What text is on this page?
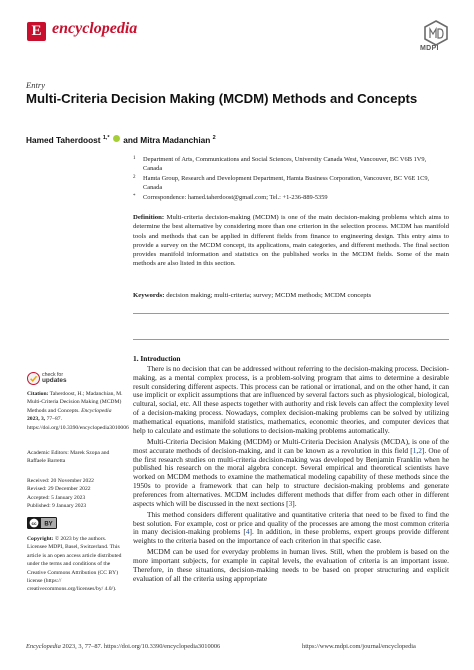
E encyclopedia
MDPI
Entry
Multi-Criteria Decision Making (MCDM) Methods and Concepts
Hamed Taherdoost $^{1,*}$ and Mitra Madanchian $^2$
1 Department of Arts, Communications and Social Sciences, University Canada West, Vancouver, BC V6B 1V9, Canada
2 Hamta Group, Research and Development Department, Hamta Business Corporation, Vancouver, BC V6E 1C9, Canada
* Correspondence: hamed.taherdoost@gmail.com; Tel.: +1-236-889-5359
Definition: Multi-criteria decision-making (MCDM) is one of the main decision-making problems which aims to determine the best alternative by considering more than one criterion in the selection process. MCDM has manifold tools and methods that can be applied in different fields from finance to engineering design. This entry aims to provide a survey on the MCDM concept, its applications, main categories, and different methods. The final section provides manifold information and statistics on the published works in the MCDM fields. Some of the main methods are also listed in this section.
Keywords: decision making; multi-criteria; survey; MCDM methods; MCDM concepts
check for
updates
Citation: Taherdoost, H.; Madanchian, M. Multi-Criteria Decision Making (MCDM) Methods and Concepts. Encyclopedia 2023, 3, 77–87. https://doi.org/10.3390/encyclopedia3010006
Academic Editors: Marek Szopa and Raffaele Barretta
Received: 20 November 2022
Revised: 29 December 2022
Accepted: 5 January 2023
Published: 9 January 2023
cc BY
Copyright: © 2023 by the authors. Licensee MDPI, Basel, Switzerland. This article is an open access article distributed under the terms and conditions of the Creative Commons Attribution (CC BY) license (https:// creativecommons.org/licenses/by/ 4.0/).
1. Introduction

There is no decision that can be addressed without referring to the decision-making process. Decision-making, as a mental complex process, is a problem-solving program that aims to determine a desirable result considering different aspects. This process can be rational or irrational, and on the other hand, it can use implicit or explicit assumptions that are influenced by several factors such as physiological, biological, cultural, social, etc. All these aspects together with authority and risk levels can affect the complexity level of a decision-making process. Nowadays, complex decision-making problems can be solved by utilizing mathematical equations, manifold statistics, mathematics, economic theories, and computer devices that help to calculate and estimate the solutions to decision-making problems automatically.

Multi-Criteria Decision Making (MCDM) or Multi-Criteria Decision Analysis (MCDA), is one of the most accurate methods of decision-making, and it can be known as a revolution in this field [1,2]. One of the first research studies on multi-criteria decision-making was developed by Benjamin Franklin when he published his research on the moral algebra concept. Several empirical and theoretical scientists have worked on MCDM methods to examine the mathematical modeling capability of these methods since the 1950s to provide a framework that can help to structure decision-making problems and generate preferences from alternatives. MCDM includes different methods that differ from each other in different aspects which will be discussed in the next sections [3].

This method considers different qualitative and quantitative criteria that need to be fixed to find the best solution. For example, cost or price and quality of the processes are among the most common criteria in many decision-making problems [4]. In addition, in these problems, expert groups provide different weights to the criteria based on the importance of each criterion in that specific case.

MCDM can be used for everyday problems in human lives. Still, when the problem is based on the more important subjects, for example in capital levels, the evaluation of criteria is an important issue. Therefore, in these situations, decision-making needs to be based on proper structuring and explicit evaluation of all the criteria using appropriate

Encyclopedia 2023, 3, 77–87. https://doi.org/10.3390/encyclopedia3010006	https://www.mdpi.com/journal/encyclopedia
